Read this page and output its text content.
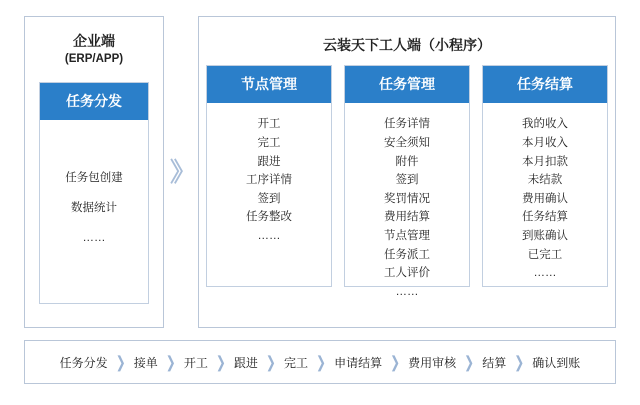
企业端
(ERP/APP)
任务分发
任务包创建
数据统计
……
》
云装天下工人端（小程序）
节点管理
开工
完工
跟进
工序详情
签到
任务整改
……
任务管理
任务详情
安全须知
附件
签到
奖罚情况
费用结算
节点管理
任务派工
工人评价
……
任务结算
我的收入
本月收入
本月扣款
未结款
费用确认
任务结算
到账确认
已完工
……
任务分发 ❯ 接单 ❯ 开工 ❯ 跟进 ❯ 完工 ❯ 申请结算 ❯ 费用审核 ❯ 结算 ❯ 确认到账
